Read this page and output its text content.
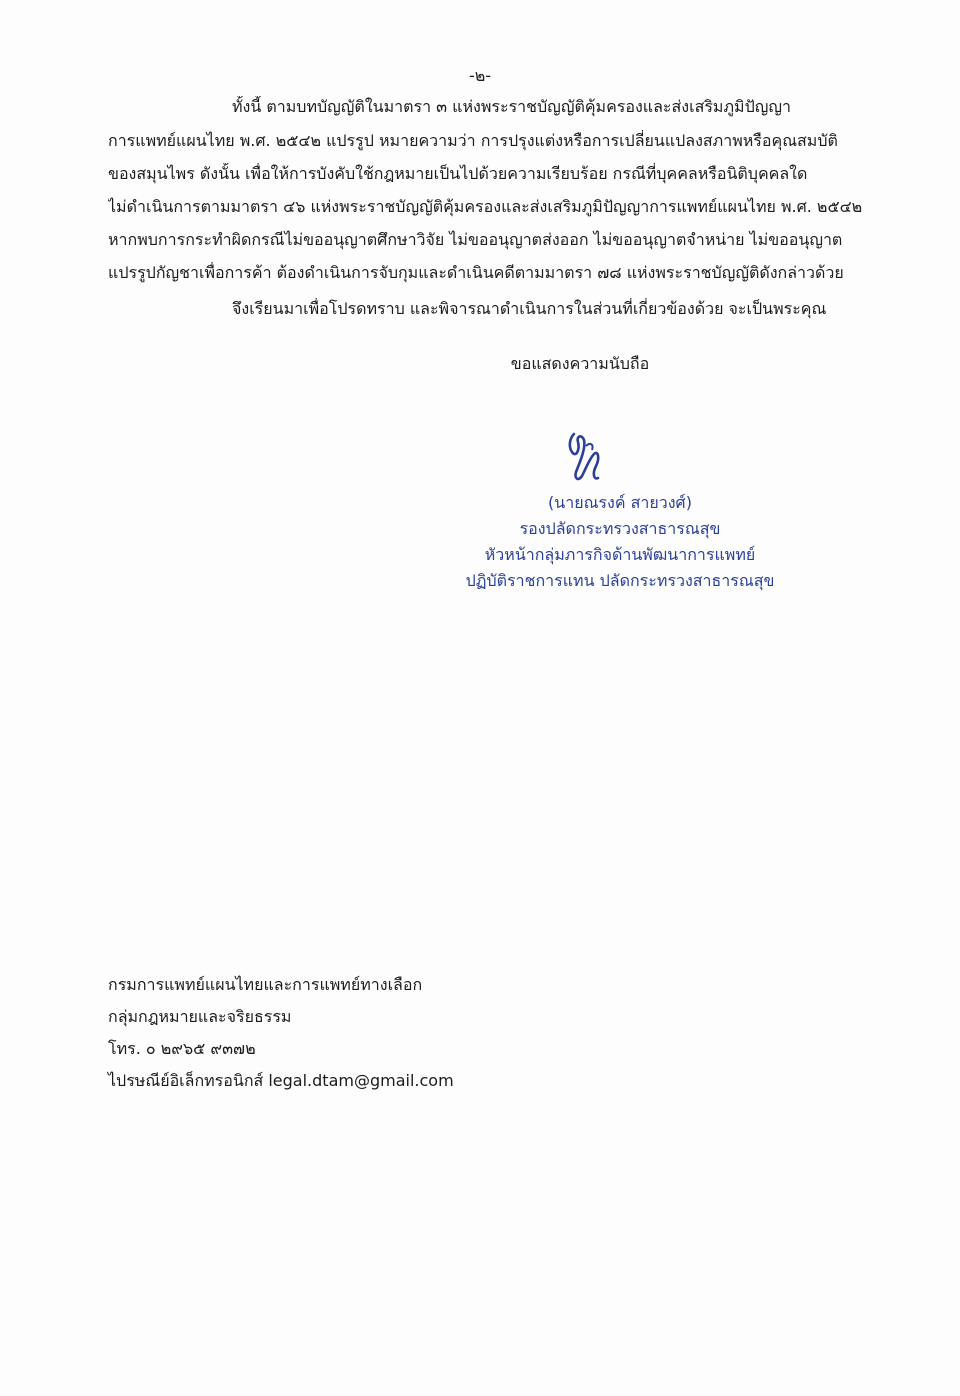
-๒-
ทั้งนี้ ตามบทบัญญัติในมาตรา ๓ แห่งพระราชบัญญัติคุ้มครองและส่งเสริมภูมิปัญญา
การแพทย์แผนไทย พ.ศ. ๒๕๔๒ แปรรูป หมายความว่า การปรุงแต่งหรือการเปลี่ยนแปลงสภาพหรือคุณสมบัติ
ของสมุนไพร ดังนั้น เพื่อให้การบังคับใช้กฎหมายเป็นไปด้วยความเรียบร้อย กรณีที่บุคคลหรือนิติบุคคลใด
ไม่ดำเนินการตามมาตรา ๔๖ แห่งพระราชบัญญัติคุ้มครองและส่งเสริมภูมิปัญญาการแพทย์แผนไทย พ.ศ. ๒๕๔๒
หากพบการกระทำผิดกรณีไม่ขออนุญาตศึกษาวิจัย ไม่ขออนุญาตส่งออก ไม่ขออนุญาตจำหน่าย ไม่ขออนุญาต
แปรรูปกัญชาเพื่อการค้า ต้องดำเนินการจับกุมและดำเนินคดีตามมาตรา ๗๘ แห่งพระราชบัญญัติดังกล่าวด้วย
จึงเรียนมาเพื่อโปรดทราบ และพิจารณาดำเนินการในส่วนที่เกี่ยวข้องด้วย จะเป็นพระคุณ
ขอแสดงความนับถือ
(นายณรงค์ สายวงศ์)
รองปลัดกระทรวงสาธารณสุข
หัวหน้ากลุ่มภารกิจด้านพัฒนาการแพทย์
ปฏิบัติราชการแทน ปลัดกระทรวงสาธารณสุข
กรมการแพทย์แผนไทยและการแพทย์ทางเลือก
กลุ่มกฎหมายและจริยธรรม
โทร. ๐ ๒๙๖๕ ๙๓๗๒
ไปรษณีย์อิเล็กทรอนิกส์ legal.dtam@gmail.com
